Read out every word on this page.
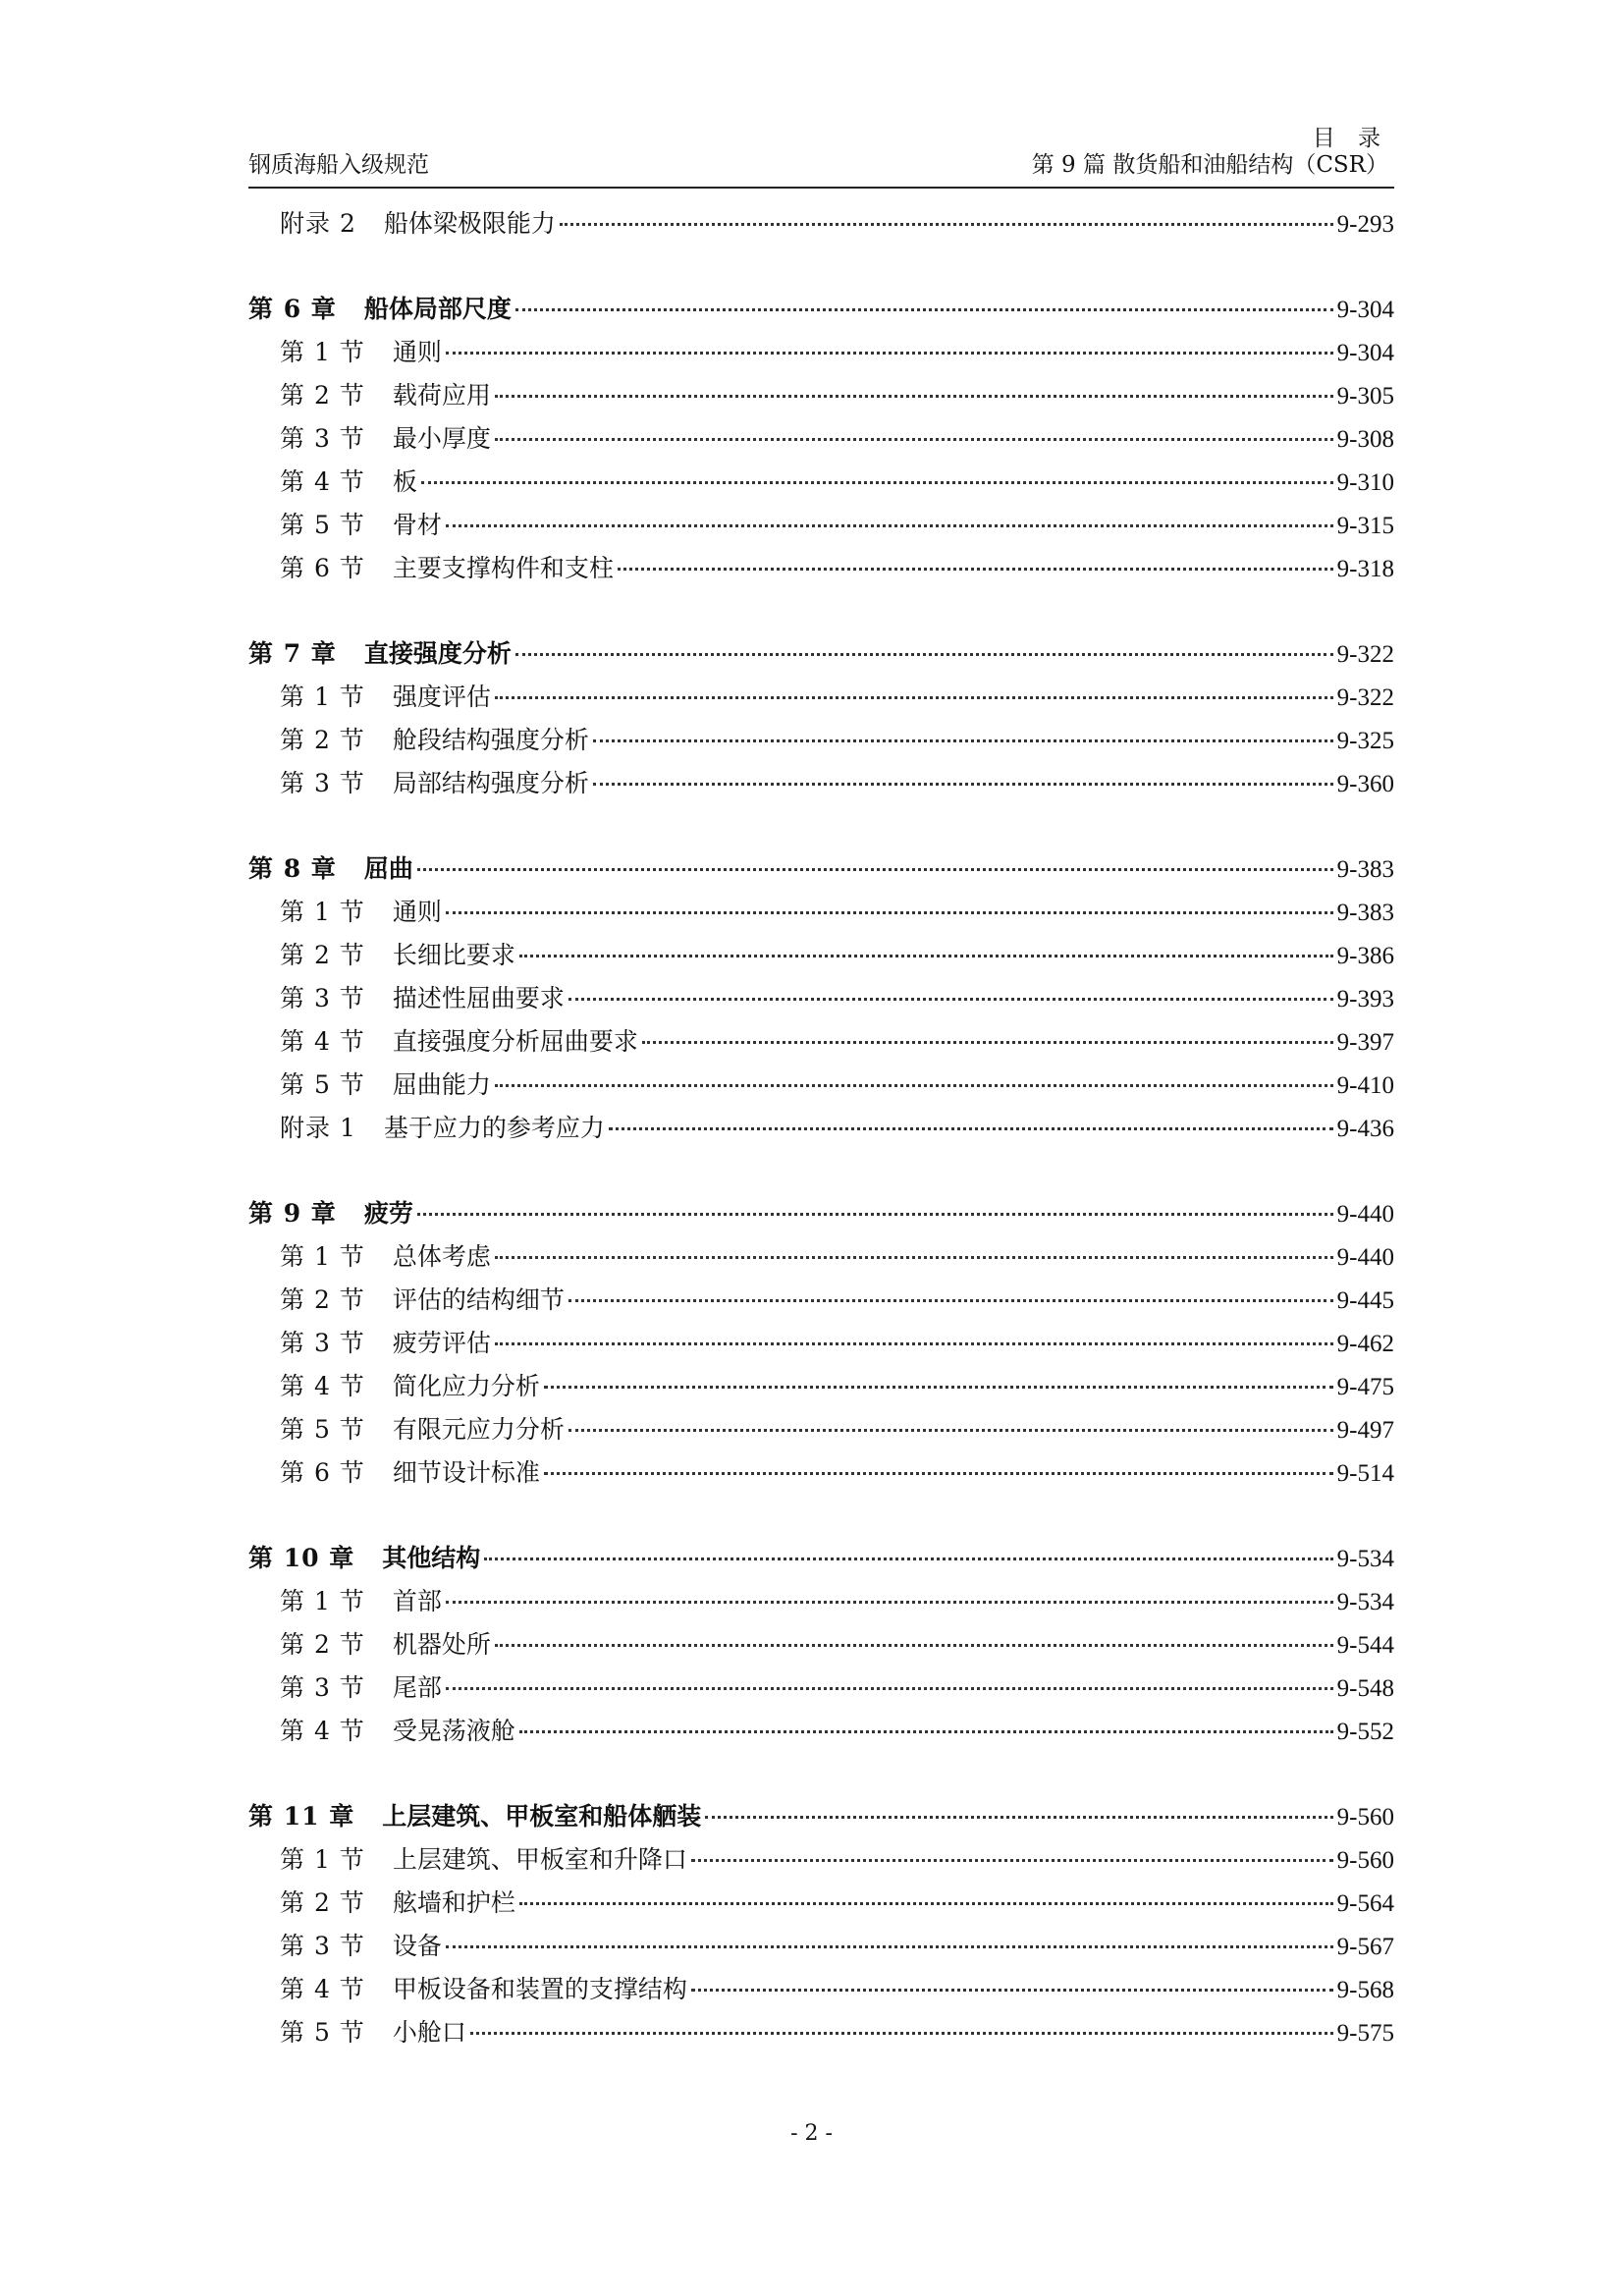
目 录
钢质海船入级规范	第 9 篇 散货船和油船结构（CSR）
附录 2 船体梁极限能力	9-293
第 6 章 船体局部尺度	9-304
第 1 节 通则	9-304
第 2 节 载荷应用	9-305
第 3 节 最小厚度	9-308
第 4 节 板	9-310
第 5 节 骨材	9-315
第 6 节 主要支撑构件和支柱	9-318
第 7 章 直接强度分析	9-322
第 1 节 强度评估	9-322
第 2 节 舱段结构强度分析	9-325
第 3 节 局部结构强度分析	9-360
第 8 章 屈曲	9-383
第 1 节 通则	9-383
第 2 节 长细比要求	9-386
第 3 节 描述性屈曲要求	9-393
第 4 节 直接强度分析屈曲要求	9-397
第 5 节 屈曲能力	9-410
附录 1 基于应力的参考应力	9-436
第 9 章 疲劳	9-440
第 1 节 总体考虑	9-440
第 2 节 评估的结构细节	9-445
第 3 节 疲劳评估	9-462
第 4 节 简化应力分析	9-475
第 5 节 有限元应力分析	9-497
第 6 节 细节设计标准	9-514
第 10 章 其他结构	9-534
第 1 节 首部	9-534
第 2 节 机器处所	9-544
第 3 节 尾部	9-548
第 4 节 受晃荡液舱	9-552
第 11 章 上层建筑、甲板室和船体舾装	9-560
第 1 节 上层建筑、甲板室和升降口	9-560
第 2 节 舷墙和护栏	9-564
第 3 节 设备	9-567
第 4 节 甲板设备和装置的支撑结构	9-568
第 5 节 小舱口	9-575
- 2 -
